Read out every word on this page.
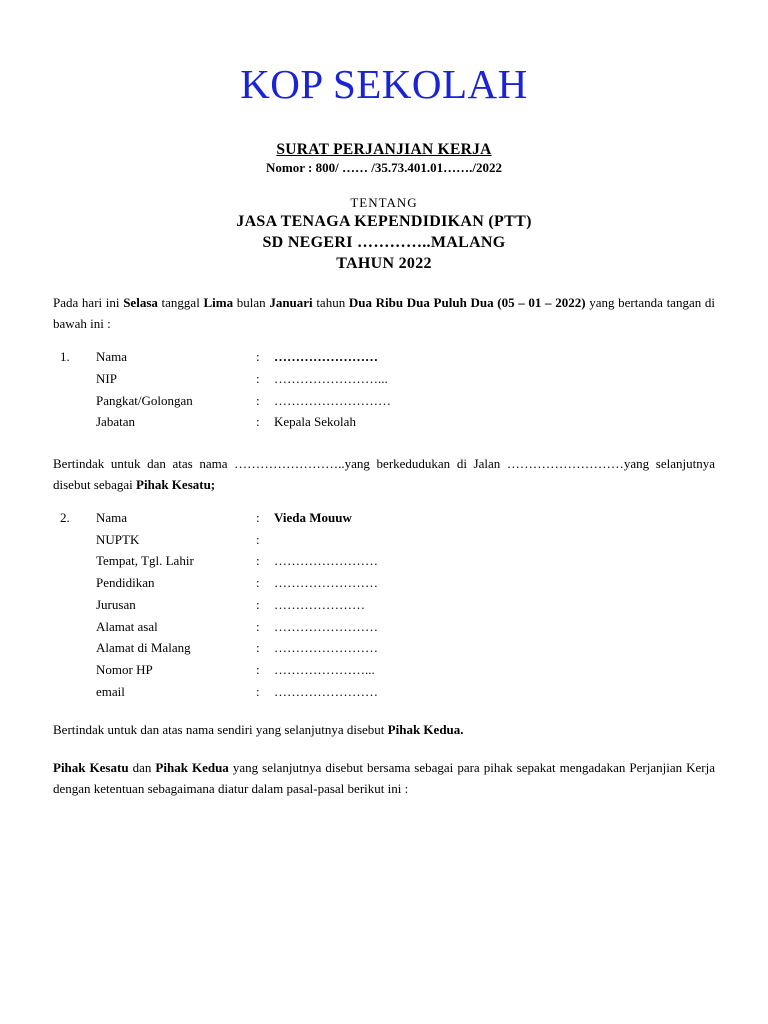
KOP SEKOLAH
SURAT PERJANJIAN KERJA
Nomor : 800/ …… /35.73.401.01……./2022
TENTANG
JASA TENAGA KEPENDIDIKAN (PTT)
SD NEGERI …………..MALANG
TAHUN 2022
Pada hari ini Selasa tanggal Lima bulan Januari tahun Dua Ribu Dua Puluh Dua (05 – 01 – 2022) yang bertanda tangan di bawah ini :
1. Nama	: ……………………
NIP	: ……………………...
Pangkat/Golongan	: ………………………
Jabatan	: Kepala Sekolah
Bertindak untuk dan atas nama ……………………..yang berkedudukan di Jalan ………………………yang selanjutnya disebut sebagai Pihak Kesatu;
2. Nama	: Vieda Mouuw
NUPTK	:
Tempat, Tgl. Lahir	: ……………………
Pendidikan	: ……………………
Jurusan	: …………………
Alamat asal	: ……………………
Alamat di Malang	: ……………………
Nomor HP	: …………………...
email	: ……………………
Bertindak untuk dan atas nama sendiri yang selanjutnya disebut Pihak Kedua.
Pihak Kesatu dan Pihak Kedua yang selanjutnya disebut bersama sebagai para pihak sepakat mengadakan Perjanjian Kerja dengan ketentuan sebagaimana diatur dalam pasal-pasal berikut ini :
